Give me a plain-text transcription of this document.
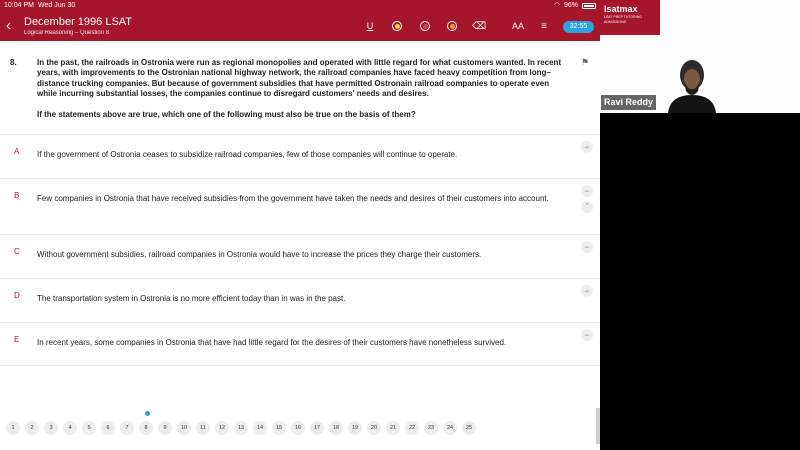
10:04 PM Wed Jun 30	◠ 96%
‹ December 1996 LSAT
Logical Reasoning – Question 8
U	⌫	AA ≡	32:55
8.	In the past, the railroads in Ostronia were run as regional monopolies and operated with little regard for what customers wanted. In recent years, with improvements to the Ostronian national highway network, the railroad companies have faced heavy competition from long–distance trucking companies. But because of government subsidies that have permitted Ostronain railroad companies to operate even while incurring substantial losses, the companies continue to disregard customers' needs and desires.
If the statements above are true, which one of the following must also be true on the basis of them?
⚑
A If the government of Ostronia ceases to subsidize railroad companies, few of those companies will continue to operate.
−
B Few companies in Ostronia that have received subsidies from the government have taken the needs and desires of their customers into account.
−
⌃
C Without government subsidies, railroad companies in Ostronia would have to increase the prices they charge their customers.
−
D The transportation system in Ostronia is no more efficient today than in was in the past.
−
E In recent years, some companies in Ostronia that have had little regard for the desires of their customers have nonetheless survived.
−
1	2	3	4	5	6	7	8	9	10	11	12	13	14	15	16	17	18	19	20	21	22	23	24	25
lsatmax
LSAT PREP TUTORING ADMISSIONS
Ravi Reddy
